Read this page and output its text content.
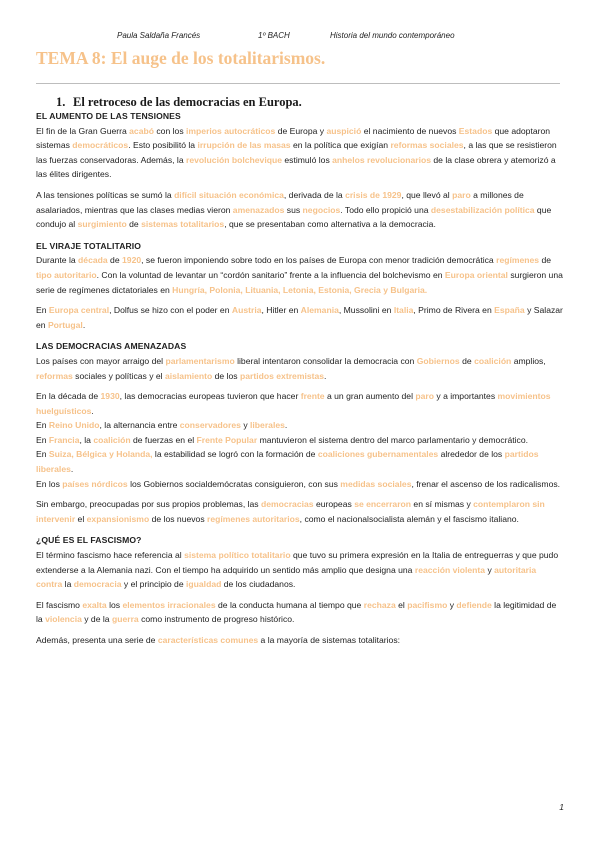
Paula Saldaña Francés	1º BACH	Historia del mundo contemporáneo
TEMA 8: El auge de los totalitarismos.
1. El retroceso de las democracias en Europa.
EL AUMENTO DE LAS TENSIONES

El fin de la Gran Guerra acabó con los imperios autocráticos de Europa y auspició el nacimiento de nuevos Estados que adoptaron sistemas democráticos. Esto posibilitó la irrupción de las masas en la política que exigían reformas sociales, a las que se resistieron las fuerzas conservadoras. Además, la revolución bolchevique estimuló los anhelos revolucionarios de la clase obrera y atemorizó a las élites dirigentes.

A las tensiones políticas se sumó la difícil situación económica, derivada de la crisis de 1929, que llevó al paro a millones de asalariados, mientras que las clases medias vieron amenazados sus negocios. Todo ello propició una desestabilización política que condujo al surgimiento de sistemas totalitarios, que se presentaban como alternativa a la democracia.

EL VIRAJE TOTALITARIO

Durante la década de 1920, se fueron imponiendo sobre todo en los países de Europa con menor tradición democrática regímenes de tipo autoritario. Con la voluntad de levantar un “cordón sanitario” frente a la influencia del bolchevismo en Europa oriental surgieron una serie de regímenes dictatoriales en Hungría, Polonia, Lituania, Letonia, Estonia, Grecia y Bulgaria.

En Europa central, Dolfus se hizo con el poder en Austria, Hitler en Alemania, Mussolini en Italia, Primo de Rivera en España y Salazar en Portugal.

LAS DEMOCRACIAS AMENAZADAS

Los países con mayor arraigo del parlamentarismo liberal intentaron consolidar la democracia con Gobiernos de coalición amplios, reformas sociales y políticas y el aislamiento de los partidos extremistas.

En la década de 1930, las democracias europeas tuvieron que hacer frente a un gran aumento del paro y a importantes movimientos huelguísticos.

En Reino Unido, la alternancia entre conservadores y liberales.

En Francia, la coalición de fuerzas en el Frente Popular mantuvieron el sistema dentro del marco parlamentario y democrático.

En Suiza, Bélgica y Holanda, la estabilidad se logró con la formación de coaliciones gubernamentales alrededor de los partidos liberales.

En los países nórdicos los Gobiernos socialdemócratas consiguieron, con sus medidas sociales, frenar el ascenso de los radicalismos.

Sin embargo, preocupadas por sus propios problemas, las democracias europeas se encerraron en sí mismas y contemplaron sin intervenir el expansionismo de los nuevos regímenes autoritarios, como el nacionalsocialista alemán y el fascismo italiano.

¿QUÉ ES EL FASCISMO?

El término fascismo hace referencia al sistema político totalitario que tuvo su primera expresión en la Italia de entreguerras y que pudo extenderse a la Alemania nazi. Con el tiempo ha adquirido un sentido más amplio que designa una reacción violenta y autoritaria contra la democracia y el principio de igualdad de los ciudadanos.

El fascismo exalta los elementos irracionales de la conducta humana al tiempo que rechaza el pacifismo y defiende la legitimidad de la violencia y de la guerra como instrumento de progreso histórico.

Además, presenta una serie de características comunes a la mayoría de sistemas totalitarios:

1
